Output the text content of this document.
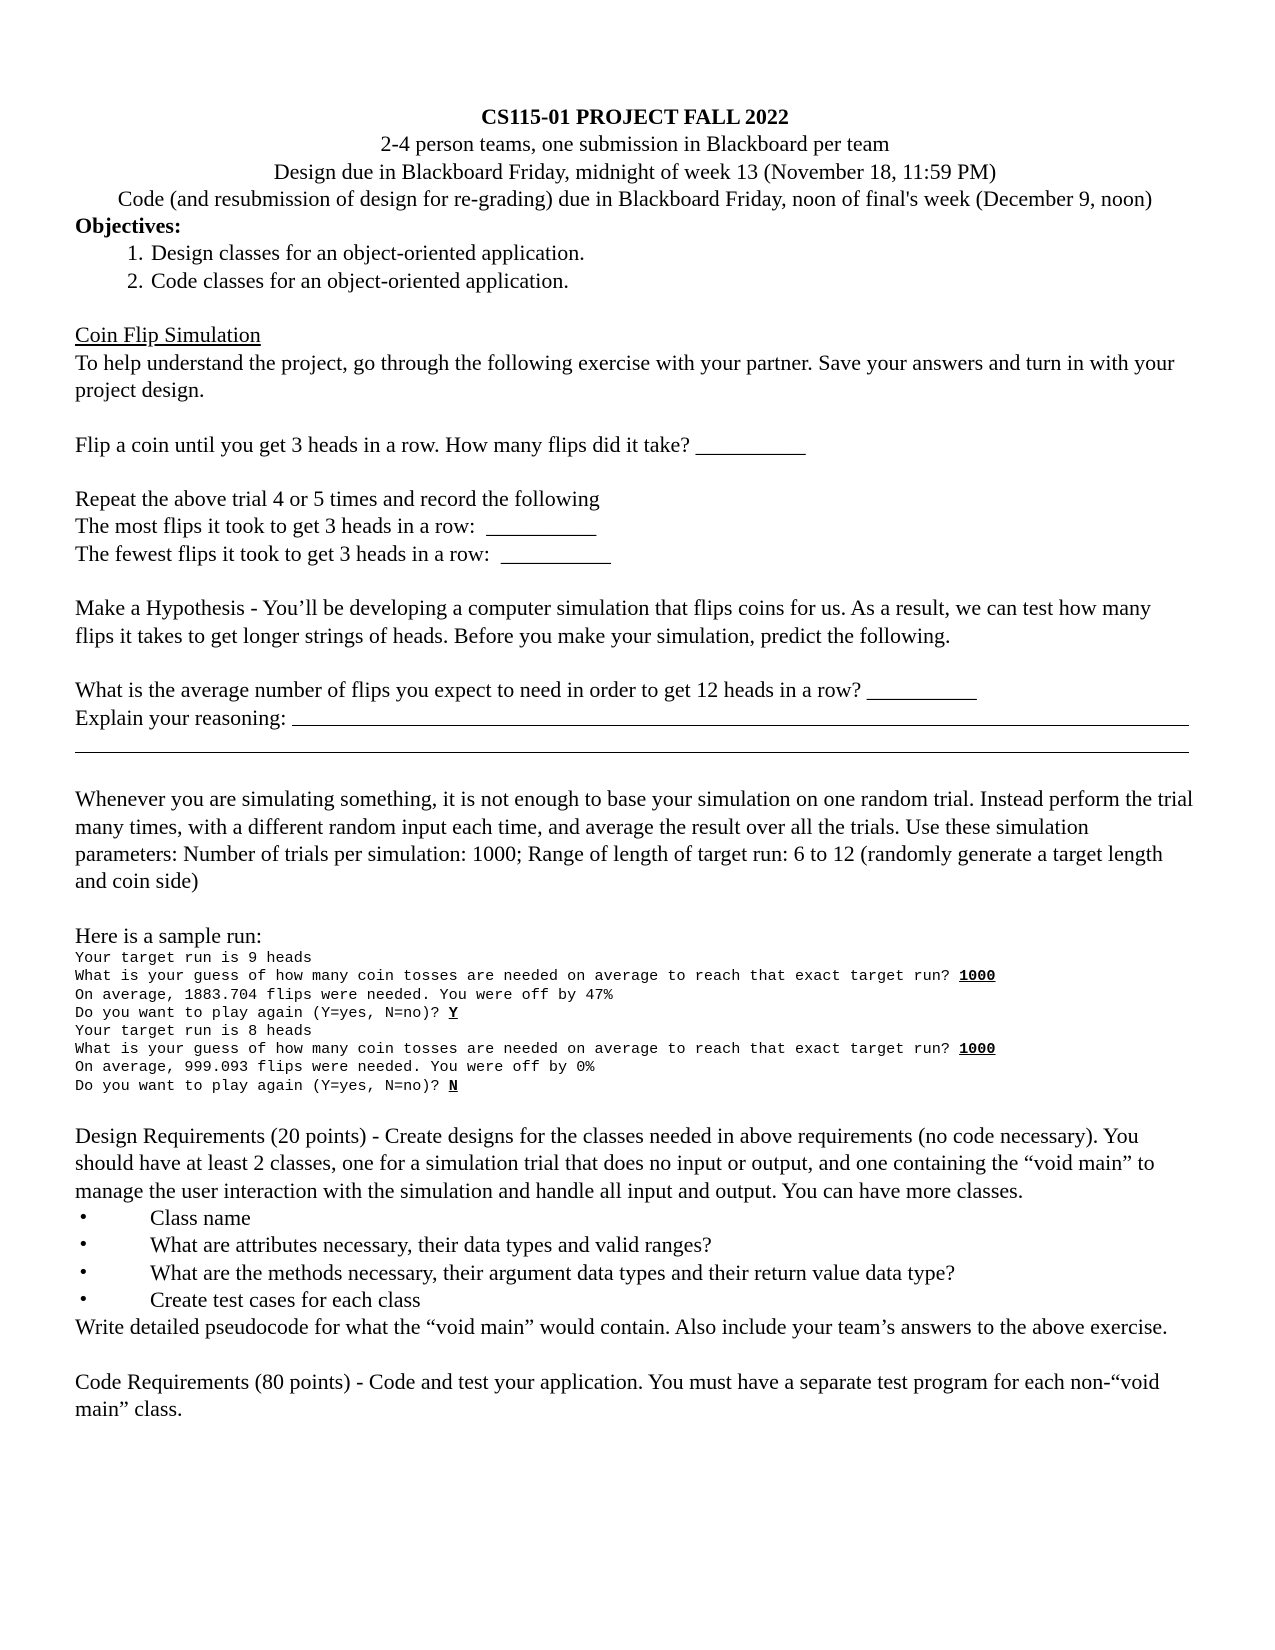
CS115-01 PROJECT FALL 2022
2-4 person teams, one submission in Blackboard per team
Design due in Blackboard Friday, midnight of week 13 (November 18, 11:59 PM)
Code (and resubmission of design for re-grading) due in Blackboard Friday, noon of final's week (December 9, noon)
Objectives:
1. Design classes for an object-oriented application.
2. Code classes for an object-oriented application.
Coin Flip Simulation
To help understand the project, go through the following exercise with your partner. Save your answers and turn in with your project design.
Flip a coin until you get 3 heads in a row. How many flips did it take? __________
Repeat the above trial 4 or 5 times and record the following
The most flips it took to get 3 heads in a row:  __________
The fewest flips it took to get 3 heads in a row:  __________
Make a Hypothesis - You’ll be developing a computer simulation that flips coins for us. As a result, we can test how many flips it takes to get longer strings of heads. Before you make your simulation, predict the following.
What is the average number of flips you expect to need in order to get 12 heads in a row? __________
Explain your reasoning:
Whenever you are simulating something, it is not enough to base your simulation on one random trial. Instead perform the trial many times, with a different random input each time, and average the result over all the trials. Use these simulation parameters: Number of trials per simulation: 1000; Range of length of target run: 6 to 12 (randomly generate a target length and coin side)
Here is a sample run:
Your target run is 9 heads
What is your guess of how many coin tosses are needed on average to reach that exact target run? 1000
On average, 1883.704 flips were needed. You were off by 47%
Do you want to play again (Y=yes, N=no)? Y
Your target run is 8 heads
What is your guess of how many coin tosses are needed on average to reach that exact target run? 1000
On average, 999.093 flips were needed. You were off by 0%
Do you want to play again (Y=yes, N=no)? N
Design Requirements (20 points) - Create designs for the classes needed in above requirements (no code necessary). You should have at least 2 classes, one for a simulation trial that does no input or output, and one containing the “void main” to manage the user interaction with the simulation and handle all input and output. You can have more classes.
•	Class name
•	What are attributes necessary, their data types and valid ranges?
•	What are the methods necessary, their argument data types and their return value data type?
•	Create test cases for each class
Write detailed pseudocode for what the “void main” would contain. Also include your team’s answers to the above exercise.
Code Requirements (80 points) - Code and test your application. You must have a separate test program for each non-“void main” class.
